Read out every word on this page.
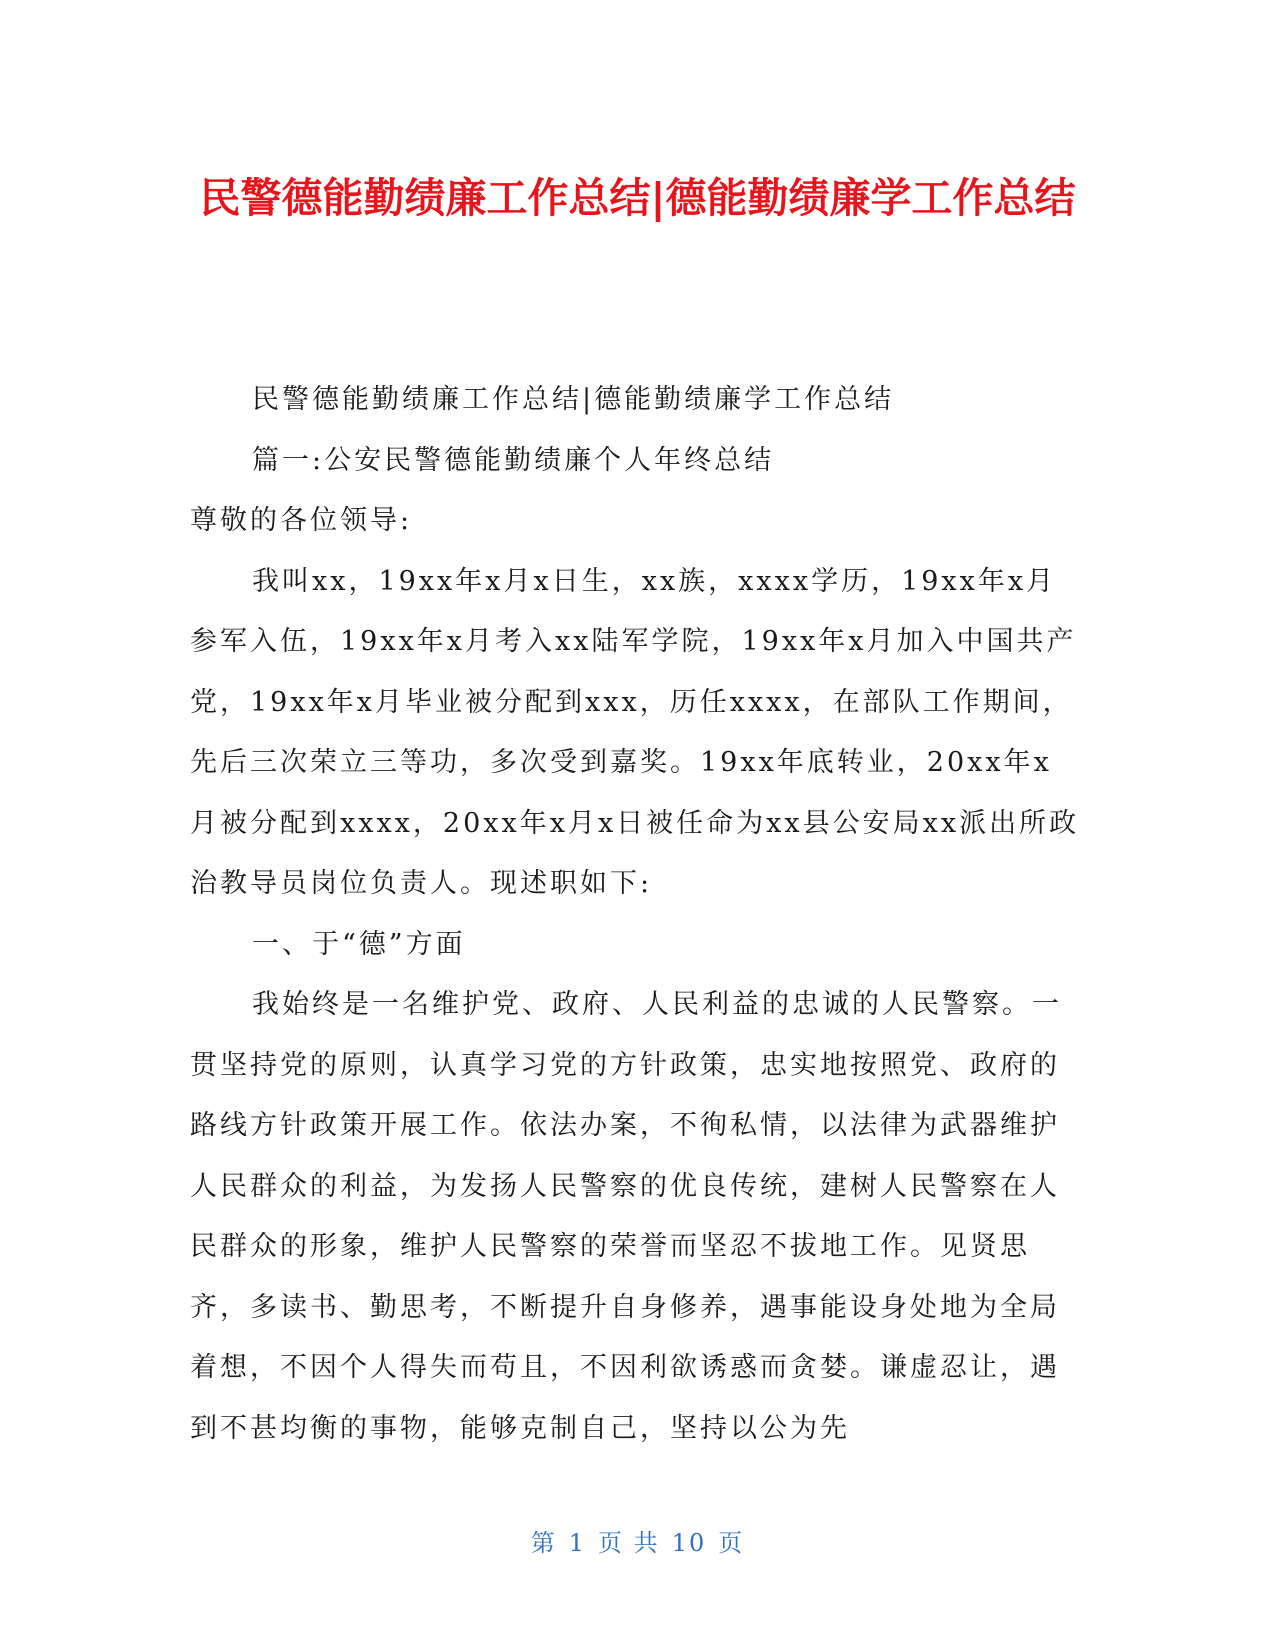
民警德能勤绩廉工作总结|德能勤绩廉学工作总结

民警德能勤绩廉工作总结|德能勤绩廉学工作总结

篇一:公安民警德能勤绩廉个人年终总结

尊敬的各位领导:

我叫xx，19xx年x月x日生，xx族，xxxx学历，19xx年x月参军入伍，19xx年x月考入xx陆军学院，19xx年x月加入中国共产党，19xx年x月毕业被分配到xxx，历任xxxx，在部队工作期间，先后三次荣立三等功，多次受到嘉奖。19xx年底转业，20xx年x月被分配到xxxx，20xx年x月x日被任命为xx县公安局xx派出所政治教导员岗位负责人。现述职如下:

一、于“德”方面

我始终是一名维护党、政府、人民利益的忠诚的人民警察。一贯坚持党的原则，认真学习党的方针政策，忠实地按照党、政府的路线方针政策开展工作。依法办案，不徇私情，以法律为武器维护人民群众的利益，为发扬人民警察的优良传统，建树人民警察在人民群众的形象，维护人民警察的荣誉而坚忍不拔地工作。见贤思齐，多读书、勤思考，不断提升自身修养，遇事能设身处地为全局着想，不因个人得失而苟且，不因利欲诱惑而贪婪。谦虚忍让，遇到不甚均衡的事物，能够克制自己，坚持以公为先

第 1 页 共 10 页
